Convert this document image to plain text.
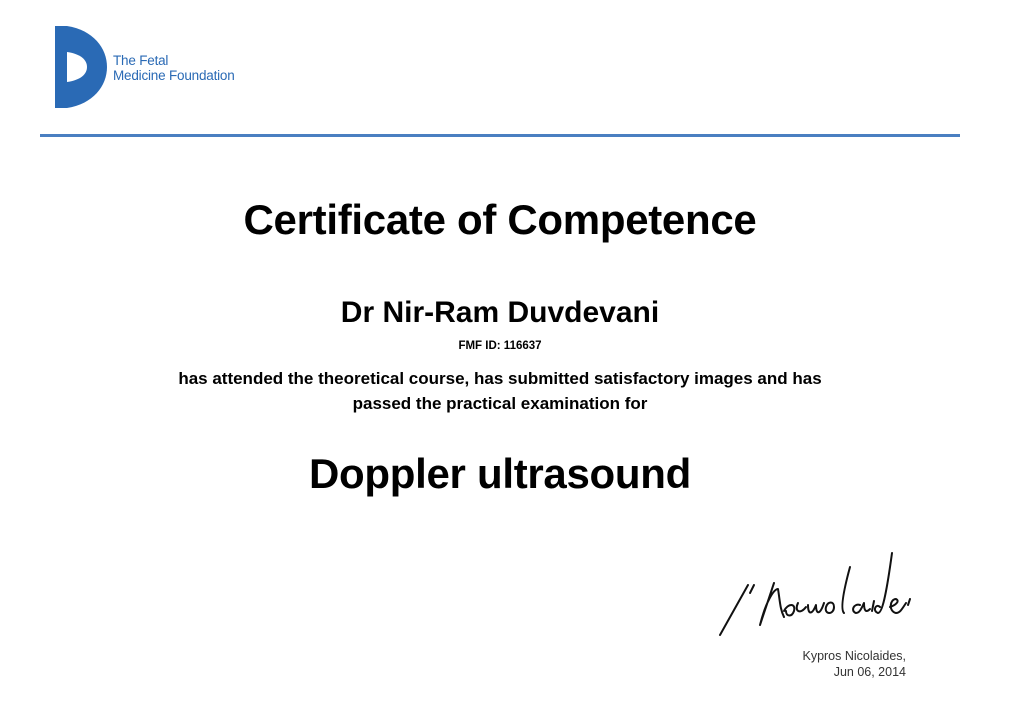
The Fetal
Medicine Foundation
Certificate of Competence
Dr Nir-Ram Duvdevani
FMF ID: 116637
has attended the theoretical course, has submitted satisfactory images and has
passed the practical examination for
Doppler ultrasound
Kypros Nicolaides,
Jun 06, 2014
